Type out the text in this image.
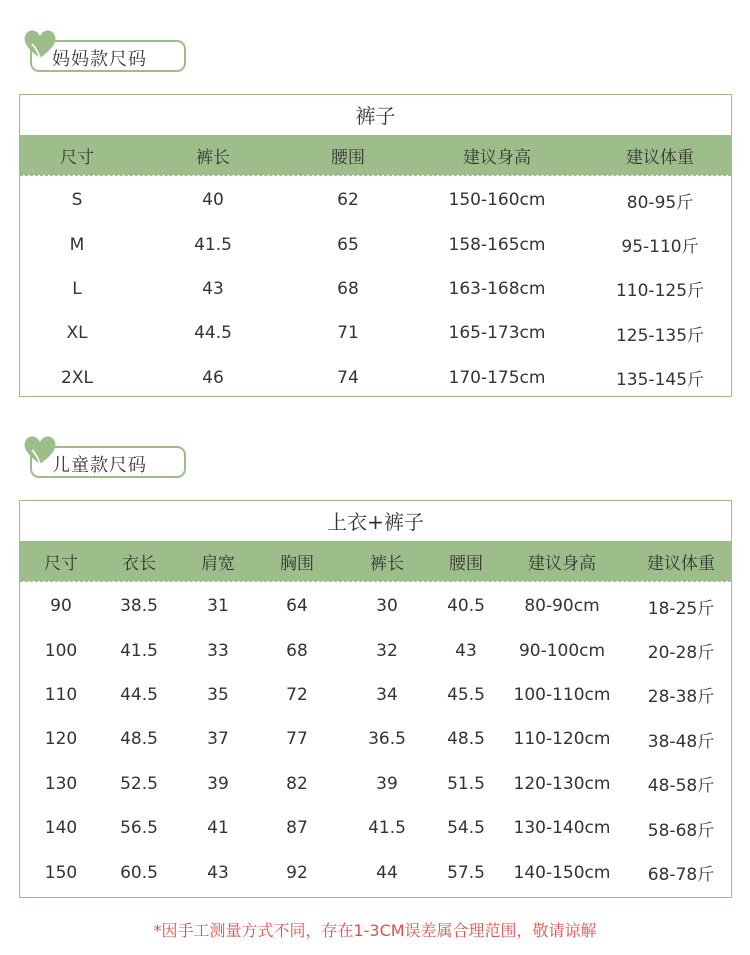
妈妈款尺码
裤子
尺寸	裤长	腰围	建议身高	建议体重
S	40	62	150-160cm	80-95斤
M	41.5	65	158-165cm	95-110斤
L	43	68	163-168cm	110-125斤
XL	44.5	71	165-173cm	125-135斤
2XL	46	74	170-175cm	135-145斤
儿童款尺码
上衣+裤子
尺寸	衣长	肩宽	胸围	裤长	腰围	建议身高	建议体重
90	38.5	31	64	30	40.5	80-90cm	18-25斤
100	41.5	33	68	32	43	90-100cm	20-28斤
110	44.5	35	72	34	45.5	100-110cm	28-38斤
120	48.5	37	77	36.5	48.5	110-120cm	38-48斤
130	52.5	39	82	39	51.5	120-130cm	48-58斤
140	56.5	41	87	41.5	54.5	130-140cm	58-68斤
150	60.5	43	92	44	57.5	140-150cm	68-78斤
*因手工测量方式不同，存在1-3CM误差属合理范围，敬请谅解
